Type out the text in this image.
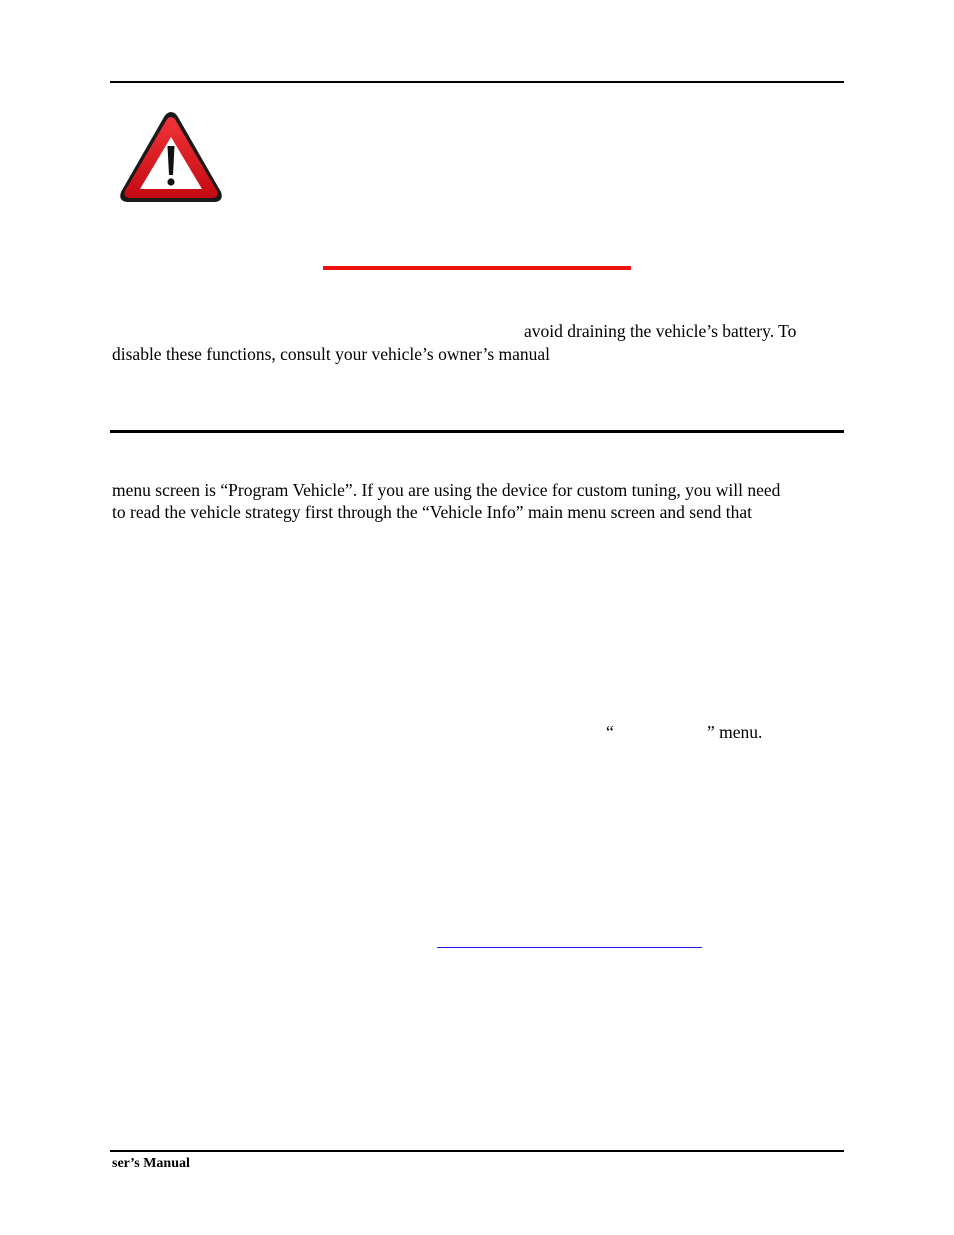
avoid draining the vehicle’s battery. To
disable these functions, consult your vehicle’s owner’s manual
menu screen is “Program Vehicle”. If you are using the device for custom tuning, you will need
to read the vehicle strategy first through the “Vehicle Info” main menu screen and send that
“	” menu.
ser’s Manual
